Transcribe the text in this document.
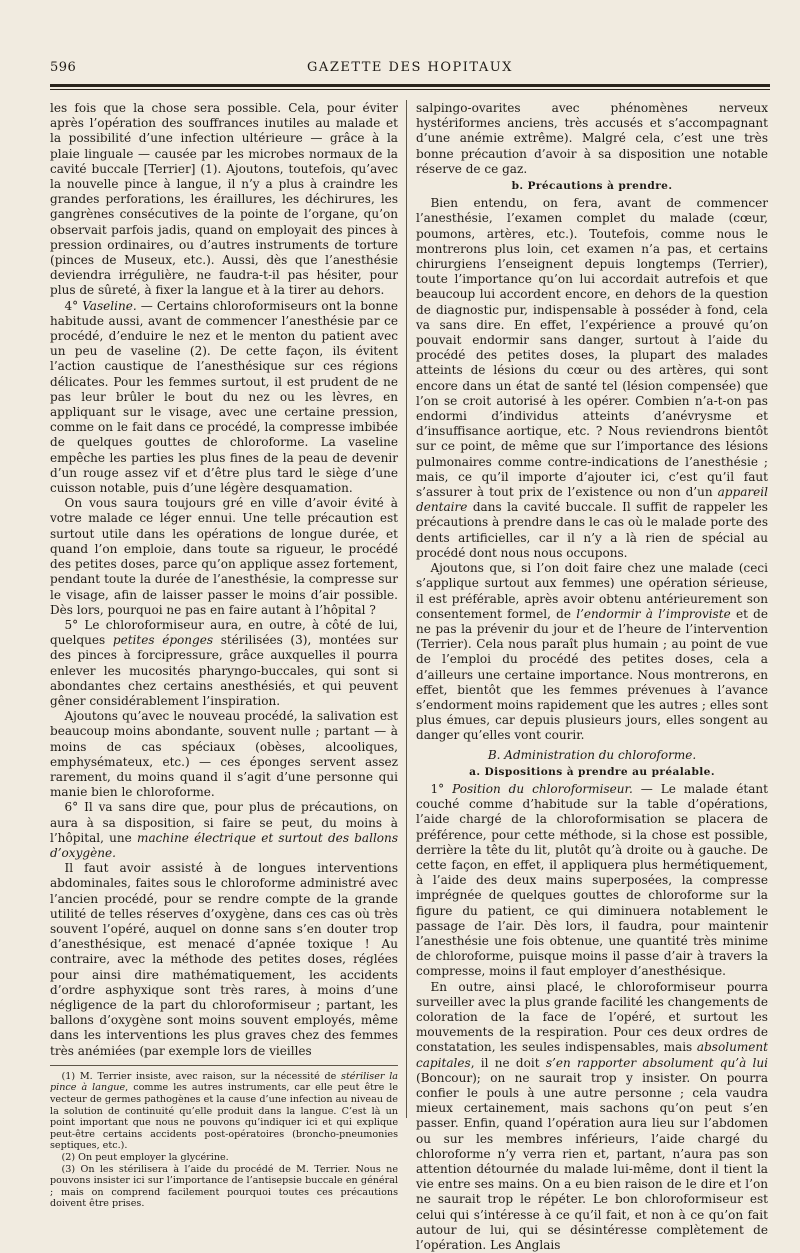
596	GAZETTE DES HOPITAUX

les fois que la chose sera possible. Cela, pour éviter après l’opération des souffrances inutiles au malade et la possibilité d’une infection ultérieure — grâce à la plaie linguale — causée par les microbes normaux de la cavité buccale [Terrier] (1). Ajoutons, toutefois, qu’avec la nouvelle pince à langue, il n’y a plus à craindre les grandes perforations, les éraillures, les déchirures, les gangrènes consécutives de la pointe de l’organe, qu’on observait parfois jadis, quand on employait des pinces à pression ordinaires, ou d’autres instruments de torture (pinces de Museux, etc.). Aussi, dès que l’anesthésie deviendra irrégulière, ne faudra-t-il pas hésiter, pour plus de sûreté, à fixer la langue et à la tirer au dehors.

4° Vaseline. — Certains chloroformiseurs ont la bonne habitude aussi, avant de commencer l’anesthésie par ce procédé, d’enduire le nez et le menton du patient avec un peu de vaseline (2). De cette façon, ils évitent l’action caustique de l’anesthésique sur ces régions délicates. Pour les femmes surtout, il est prudent de ne pas leur brûler le bout du nez ou les lèvres, en appliquant sur le visage, avec une certaine pression, comme on le fait dans ce procédé, la compresse imbibée de quelques gouttes de chloroforme. La vaseline empêche les parties les plus fines de la peau de devenir d’un rouge assez vif et d’être plus tard le siège d’une cuisson notable, puis d’une légère desquamation.

On vous saura toujours gré en ville d’avoir évité à votre malade ce léger ennui. Une telle précaution est surtout utile dans les opérations de longue durée, et quand l’on emploie, dans toute sa rigueur, le procédé des petites doses, parce qu’on applique assez fortement, pendant toute la durée de l’anesthésie, la compresse sur le visage, afin de laisser passer le moins d’air possible. Dès lors, pourquoi ne pas en faire autant à l’hôpital ?

5° Le chloroformiseur aura, en outre, à côté de lui, quelques petites éponges stérilisées (3), montées sur des pinces à forcipressure, grâce auxquelles il pourra enlever les mucosités pharyngo-buccales, qui sont si abondantes chez certains anesthésiés, et qui peuvent gêner considérablement l’inspiration.

Ajoutons qu’avec le nouveau procédé, la salivation est beaucoup moins abondante, souvent nulle ; partant — à moins de cas spéciaux (obèses, alcooliques, emphysémateux, etc.) — ces éponges servent assez rarement, du moins quand il s’agit d’une personne qui manie bien le chloroforme.

6° Il va sans dire que, pour plus de précautions, on aura à sa disposition, si faire se peut, du moins à l’hôpital, une machine électrique et surtout des ballons d’oxygène.

Il faut avoir assisté à de longues interventions abdominales, faites sous le chloroforme administré avec l’ancien procédé, pour se rendre compte de la grande utilité de telles réserves d’oxygène, dans ces cas où très souvent l’opéré, auquel on donne sans s’en douter trop d’anesthésique, est menacé d’apnée toxique ! Au contraire, avec la méthode des petites doses, réglées pour ainsi dire mathématiquement, les accidents d’ordre asphyxique sont très rares, à moins d’une négligence de la part du chloroformiseur ; partant, les ballons d’oxygène sont moins souvent employés, même dans les interventions les plus graves chez des femmes très anémiées (par exemple lors de vieilles

(1) M. Terrier insiste, avec raison, sur la nécessité de stériliser la pince à langue, comme les autres instruments, car elle peut être le vecteur de germes pathogènes et la cause d’une infection au niveau de la solution de continuité qu’elle produit dans la langue. C’est là un point important que nous ne pouvons qu’indiquer ici et qui explique peut-être certains accidents post-opératoires (broncho-pneumonies septiques, etc.).

(2) On peut employer la glycérine.

(3) On les stérilisera à l’aide du procédé de M. Terrier. Nous ne pouvons insister ici sur l’importance de l’antisepsie buccale en général ; mais on comprend facilement pourquoi toutes ces précautions doivent être prises.

salpingo-ovarites avec phénomènes nerveux hystériformes anciens, très accusés et s’accompagnant d’une anémie extrême). Malgré cela, c’est une très bonne précaution d’avoir à sa disposition une notable réserve de ce gaz.

b. Précautions à prendre.

Bien entendu, on fera, avant de commencer l’anesthésie, l’examen complet du malade (cœur, poumons, artères, etc.). Toutefois, comme nous le montrerons plus loin, cet examen n’a pas, et certains chirurgiens l’enseignent depuis longtemps (Terrier), toute l’importance qu’on lui accordait autrefois et que beaucoup lui accordent encore, en dehors de la question de diagnostic pur, indispensable à posséder à fond, cela va sans dire. En effet, l’expérience a prouvé qu’on pouvait endormir sans danger, surtout à l’aide du procédé des petites doses, la plupart des malades atteints de lésions du cœur ou des artères, qui sont encore dans un état de santé tel (lésion compensée) que l’on se croit autorisé à les opérer. Combien n’a-t-on pas endormi d’individus atteints d’anévrysme et d’insuffisance aortique, etc. ? Nous reviendrons bientôt sur ce point, de même que sur l’importance des lésions pulmonaires comme contre-indications de l’anesthésie ; mais, ce qu’il importe d’ajouter ici, c’est qu’il faut s’assurer à tout prix de l’existence ou non d’un appareil dentaire dans la cavité buccale. Il suffit de rappeler les précautions à prendre dans le cas où le malade porte des dents artificielles, car il n’y a là rien de spécial au procédé dont nous nous occupons.

Ajoutons que, si l’on doit faire chez une malade (ceci s’applique surtout aux femmes) une opération sérieuse, il est préférable, après avoir obtenu antérieurement son consentement formel, de l’endormir à l’improviste et de ne pas la prévenir du jour et de l’heure de l’intervention (Terrier). Cela nous paraît plus humain ; au point de vue de l’emploi du procédé des petites doses, cela a d’ailleurs une certaine importance. Nous montrerons, en effet, bientôt que les femmes prévenues à l’avance s’endorment moins rapidement que les autres ; elles sont plus émues, car depuis plusieurs jours, elles songent au danger qu’elles vont courir.

B. Administration du chloroforme.

a. Dispositions à prendre au préalable.

1° Position du chloroformiseur. — Le malade étant couché comme d’habitude sur la table d’opérations, l’aide chargé de la chloroformisation se placera de préférence, pour cette méthode, si la chose est possible, derrière la tête du lit, plutôt qu’à droite ou à gauche. De cette façon, en effet, il appliquera plus hermétiquement, à l’aide des deux mains superposées, la compresse imprégnée de quelques gouttes de chloroforme sur la figure du patient, ce qui diminuera notablement le passage de l’air. Dès lors, il faudra, pour maintenir l’anesthésie une fois obtenue, une quantité très minime de chloroforme, puisque moins il passe d’air à travers la compresse, moins il faut employer d’anesthésique.

En outre, ainsi placé, le chloroformiseur pourra surveiller avec la plus grande facilité les changements de coloration de la face de l’opéré, et surtout les mouvements de la respiration. Pour ces deux ordres de constatation, les seules indispensables, mais absolument capitales, il ne doit s’en rapporter absolument qu’à lui (Boncour); on ne saurait trop y insister. On pourra confier le pouls à une autre personne ; cela vaudra mieux certainement, mais sachons qu’on peut s’en passer. Enfin, quand l’opération aura lieu sur l’abdomen ou sur les membres inférieurs, l’aide chargé du chloroforme n’y verra rien et, partant, n’aura pas son attention détournée du malade lui-même, dont il tient la vie entre ses mains. On a eu bien raison de le dire et l’on ne saurait trop le répéter. Le bon chloroformiseur est celui qui s’intéresse à ce qu’il fait, et non à ce qu’on fait autour de lui, qui se désintéresse complètement de l’opération. Les Anglais
